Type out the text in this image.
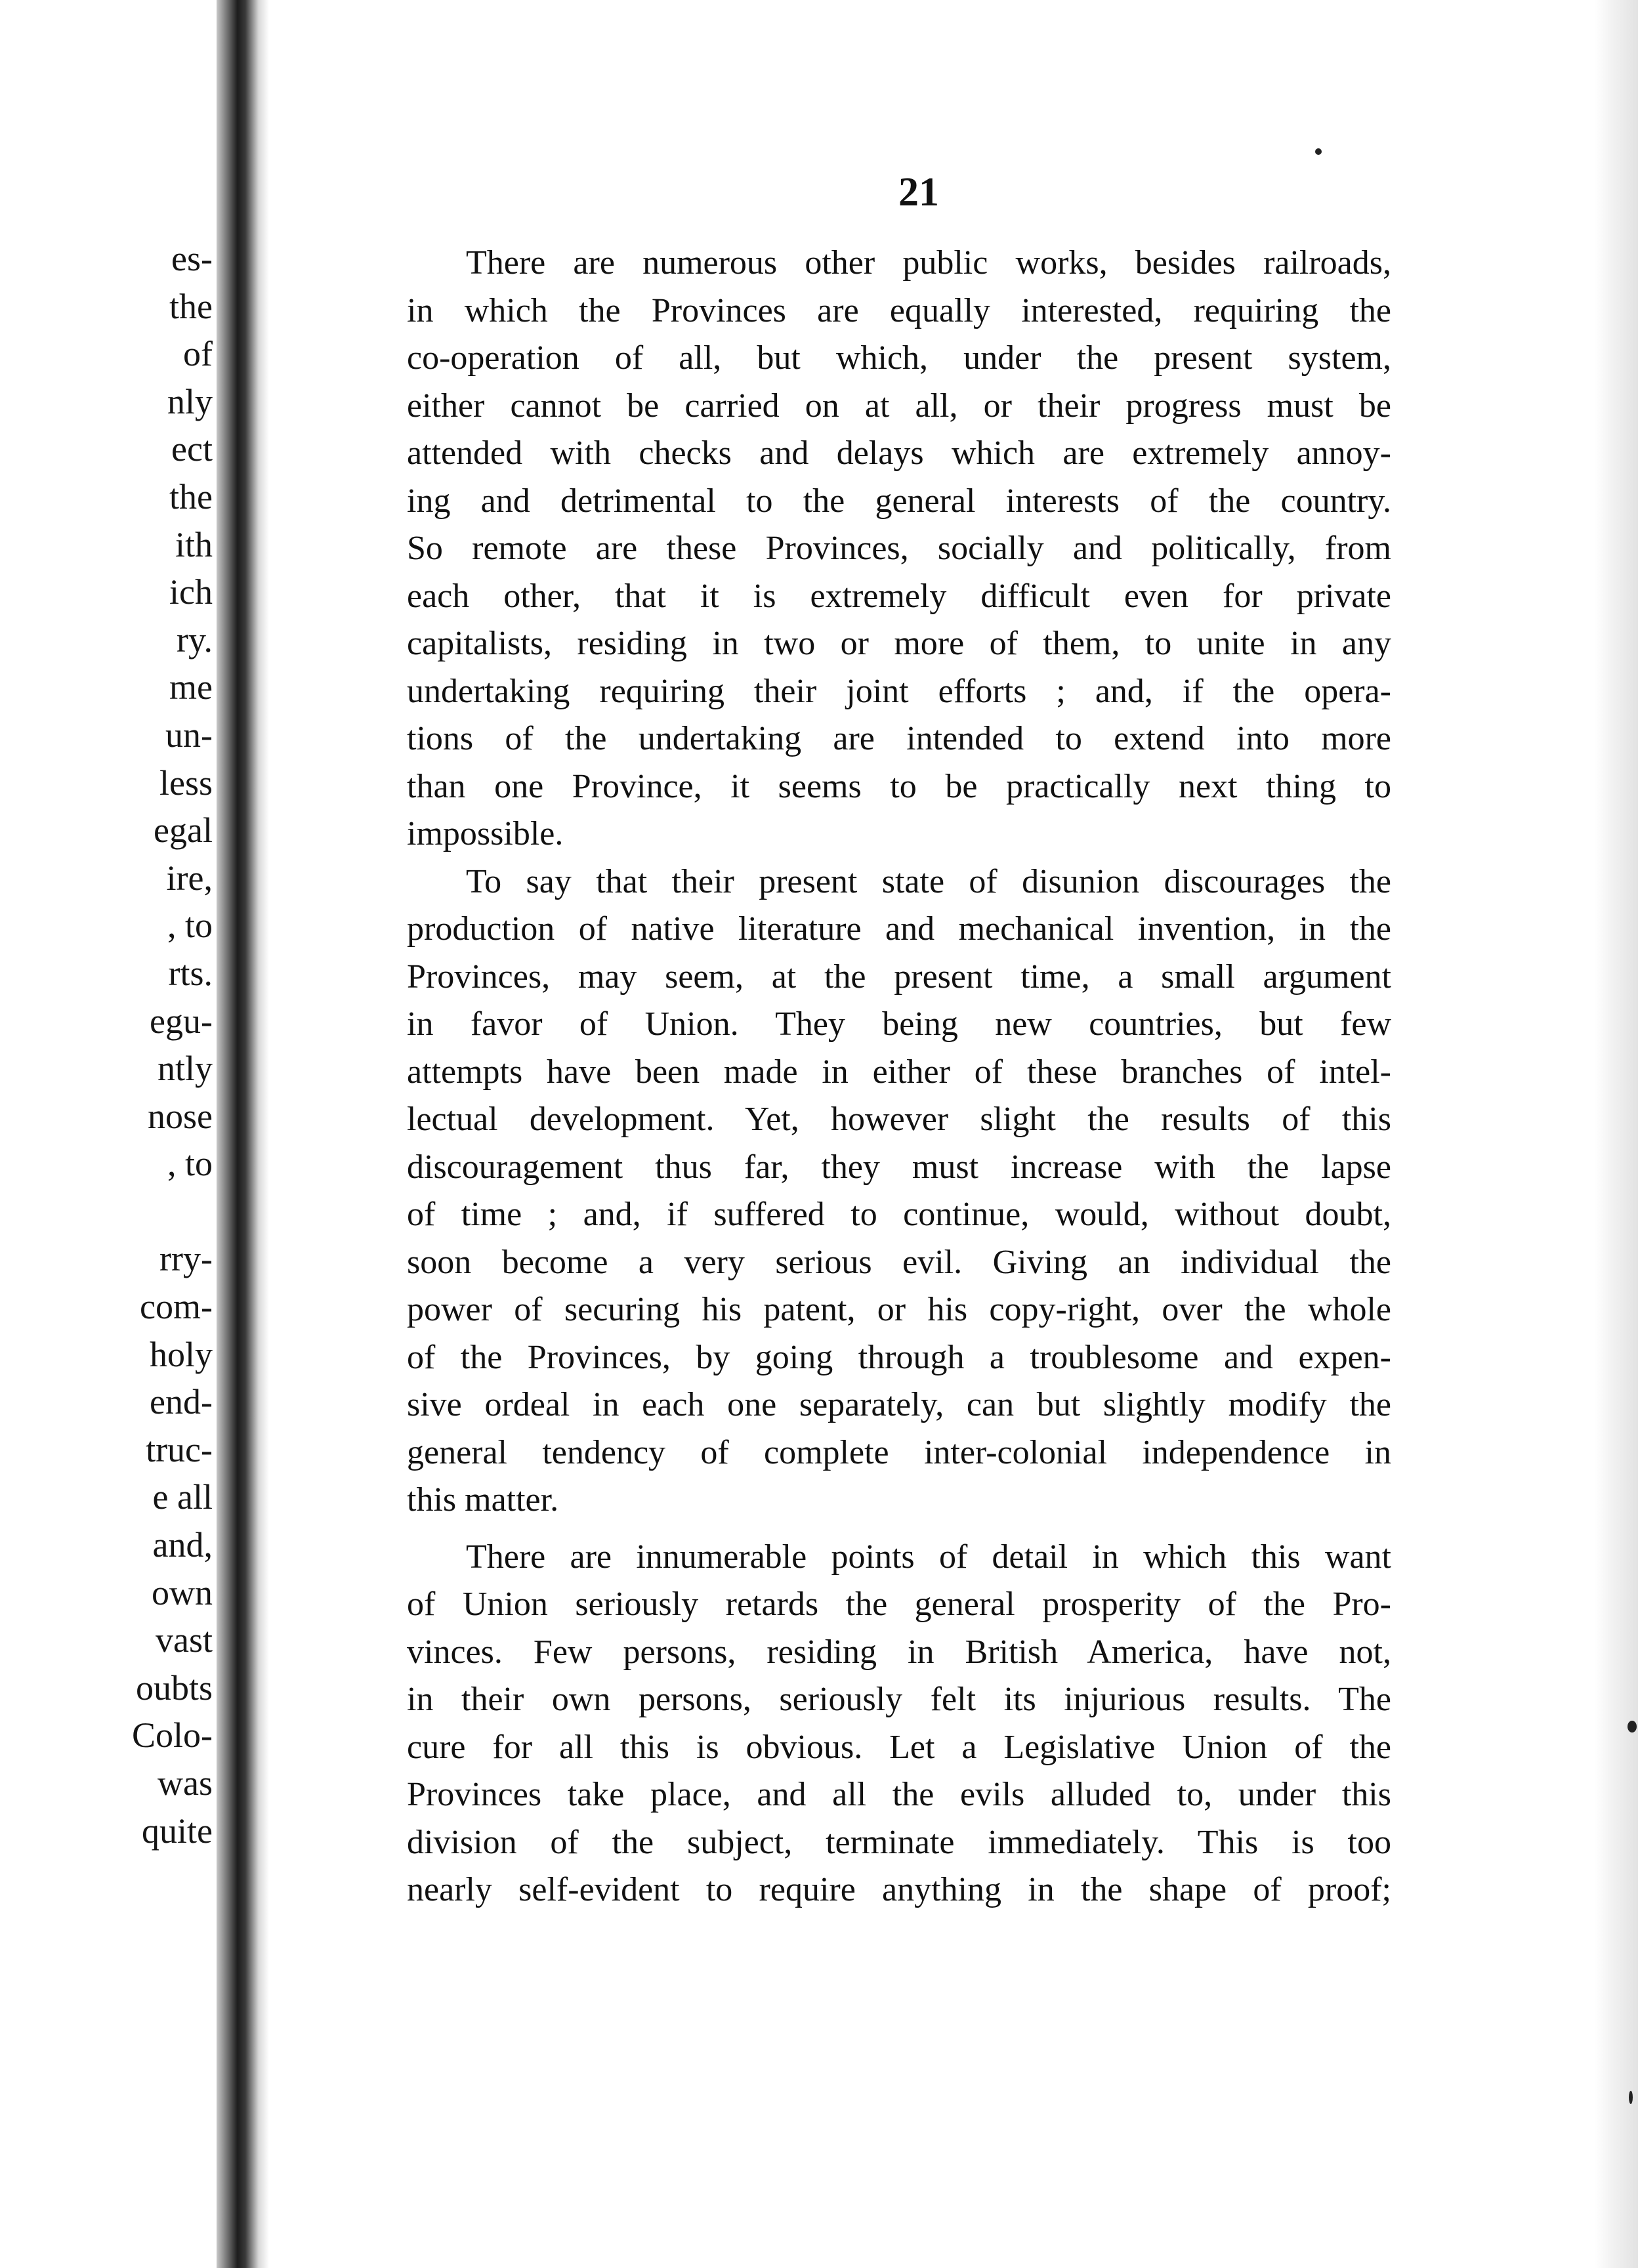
es-
the
of
nly
ect
the
ith
ich
ry.
me
un-
less
egal
ire,
, to
rts.
egu-
ntly
nose
, to
rry-
com-
holy
end-
truc-
e all
and,
own
vast
oubts
Colo-
was
quite
21
There are numerous other public works, besides railroads,
in which the Provinces are equally interested, requiring the
co-operation of all, but which, under the present system,
either cannot be carried on at all, or their progress must be
attended with checks and delays which are extremely annoy-
ing and detrimental to the general interests of the country.
So remote are these Provinces, socially and politically, from
each other, that it is extremely difficult even for private
capitalists, residing in two or more of them, to unite in any
undertaking requiring their joint efforts ; and, if the opera-
tions of the undertaking are intended to extend into more
than one Province, it seems to be practically next thing to
impossible.
To say that their present state of disunion discourages the
production of native literature and mechanical invention, in the
Provinces, may seem, at the present time, a small argument
in favor of Union. They being new countries, but few
attempts have been made in either of these branches of intel-
lectual development. Yet, however slight the results of this
discouragement thus far, they must increase with the lapse
of time ; and, if suffered to continue, would, without doubt,
soon become a very serious evil. Giving an individual the
power of securing his patent, or his copy-right, over the whole
of the Provinces, by going through a troublesome and expen-
sive ordeal in each one separately, can but slightly modify the
general tendency of complete inter-colonial independence in
this matter.
There are innumerable points of detail in which this want
of Union seriously retards the general prosperity of the Pro-
vinces. Few persons, residing in British America, have not,
in their own persons, seriously felt its injurious results. The
cure for all this is obvious. Let a Legislative Union of the
Provinces take place, and all the evils alluded to, under this
division of the subject, terminate immediately. This is too
nearly self-evident to require anything in the shape of proof;
